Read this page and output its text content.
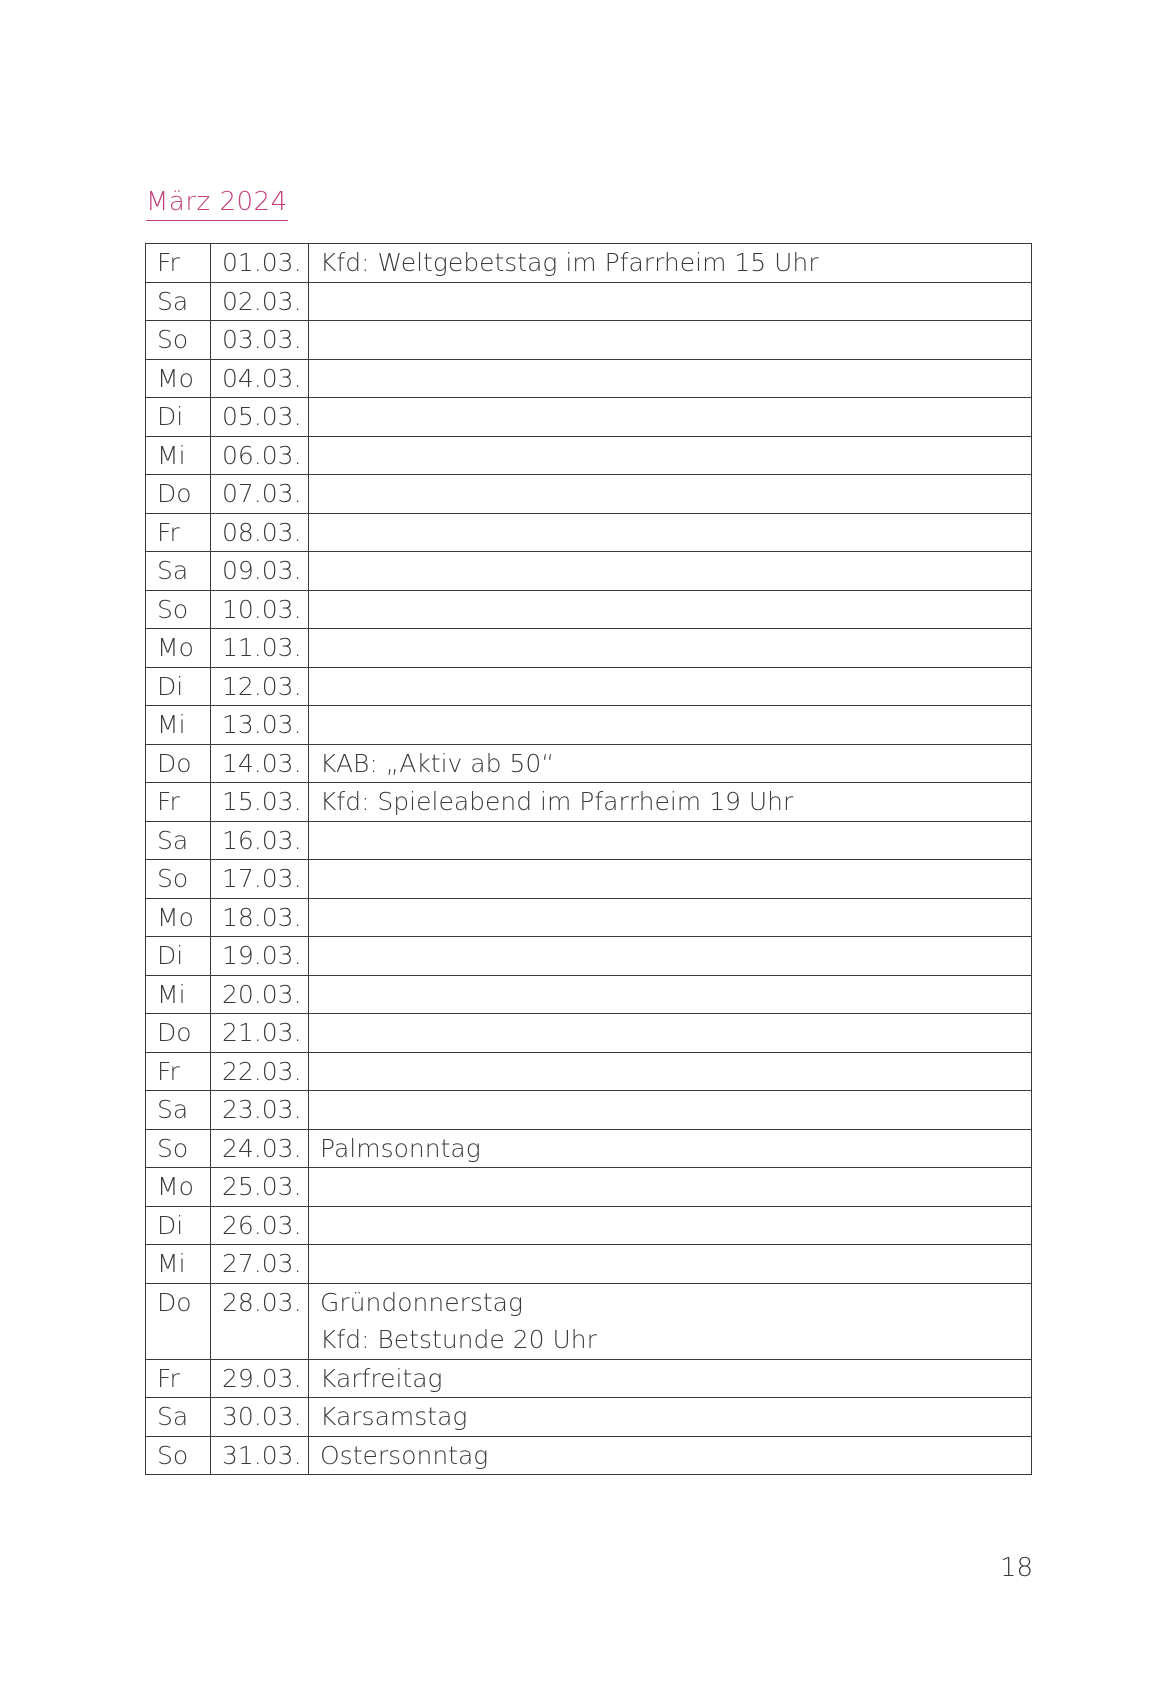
März 2024
Fr	01.03.	Kfd: Weltgebetstag im Pfarrheim 15 Uhr

Sa	02.03.	
So	03.03.	
Mo	04.03.	
Di	05.03.	
Mi	06.03.	
Do	07.03.	
Fr	08.03.	
Sa	09.03.	
So	10.03.	
Mo	11.03.	
Di	12.03.	
Mi	13.03.	
Do	14.03.	KAB: „Aktiv ab 50“

Fr	15.03.	Kfd: Spieleabend im Pfarrheim 19 Uhr

Sa	16.03.	
So	17.03.	
Mo	18.03.	
Di	19.03.	
Mi	20.03.	
Do	21.03.	
Fr	22.03.	
Sa	23.03.	
So	24.03.	Palmsonntag

Mo	25.03.	
Di	26.03.	
Mi	27.03.	
Do	28.03.	Gründonnerstag
Kfd: Betstunde 20 Uhr

Fr	29.03.	Karfreitag

Sa	30.03.	Karsamstag

So	31.03.	Ostersonntag
18
